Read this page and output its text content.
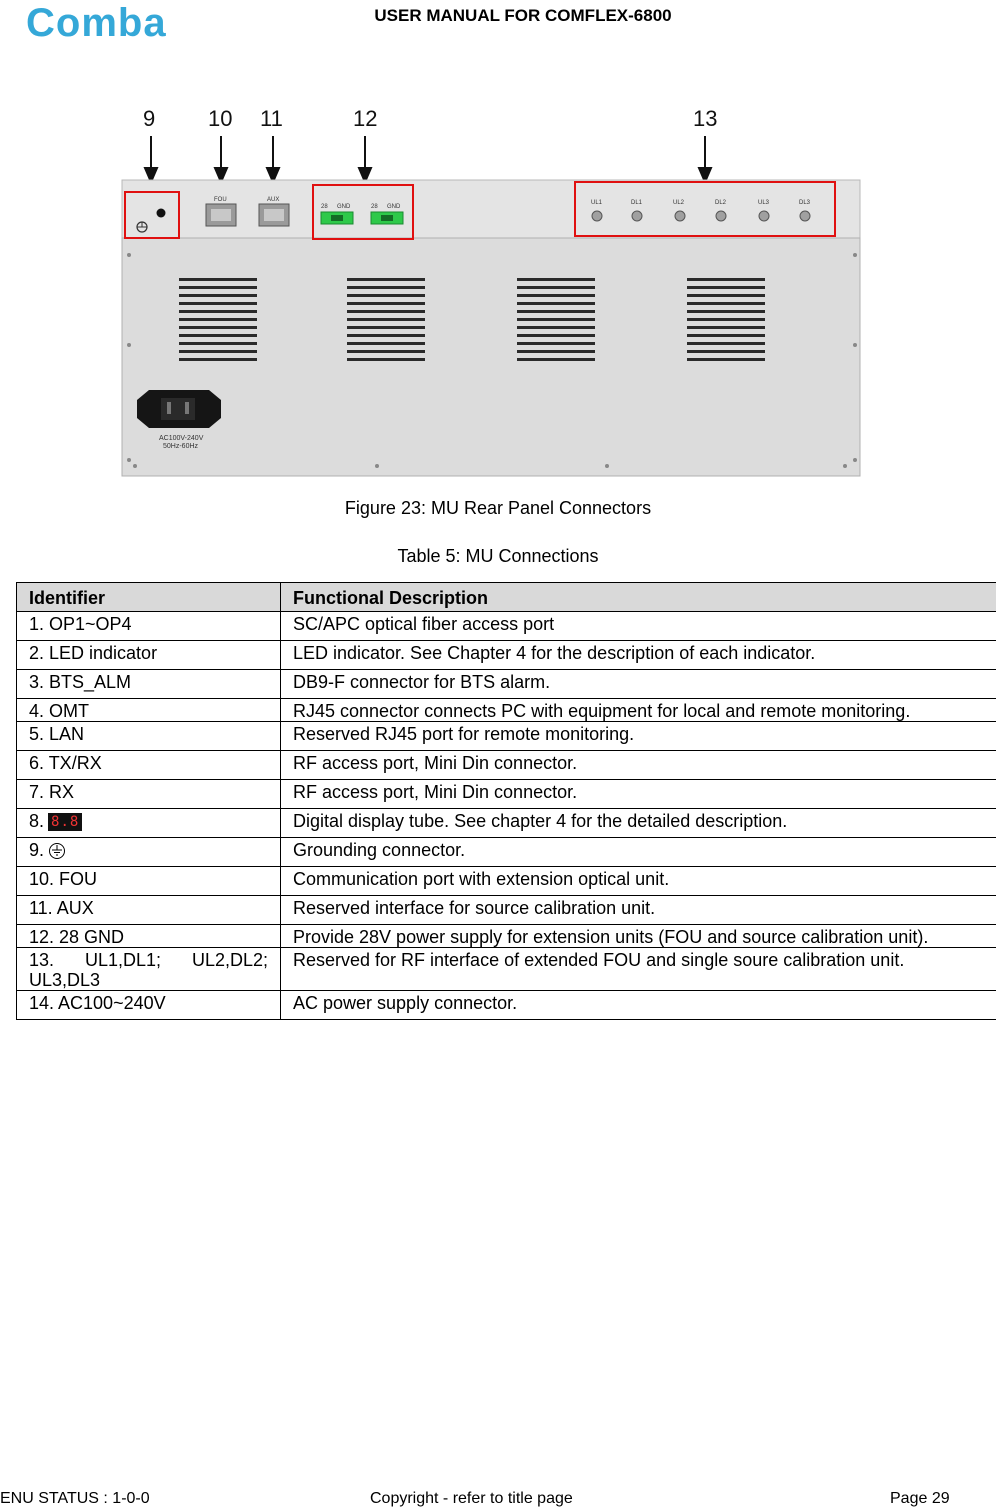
Comba	USER MANUAL FOR COMFLEX-6800
9 10 11	12	13
FOU	AUX
28 GND	28 GND
UL1	DL1	UL2	DL2	UL3	DL3
AC100V-240V
50Hz-60Hz
Figure 23: MU Rear Panel Connectors
Table 5: MU Connections
Identifier	Functional Description
1. OP1~OP4	SC/APC optical fiber access port
2. LED indicator	LED indicator. See Chapter 4 for the description of each indicator.
3. BTS_ALM	DB9-F connector for BTS alarm.
4. OMT	RJ45 connector connects PC with equipment for local and remote monitoring.
5. LAN	Reserved RJ45 port for remote monitoring.
6. TX/RX	RF access port, Mini Din connector.
7. RX	RF access port, Mini Din connector.
8. 8.8	Digital display tube. See chapter 4 for the detailed description.
9.	Grounding connector.
10. FOU	Communication port with extension optical unit.
11. AUX	Reserved interface for source calibration unit.
12. 28 GND	Provide 28V power supply for extension units (FOU and source calibration unit).
13. UL1,DL1; UL2,DL2; UL3,DL3	Reserved for RF interface of extended FOU and single soure calibration unit.
14. AC100~240V	AC power supply connector.
ENU STATUS : 1-0-0	Copyright - refer to title page	Page 29
